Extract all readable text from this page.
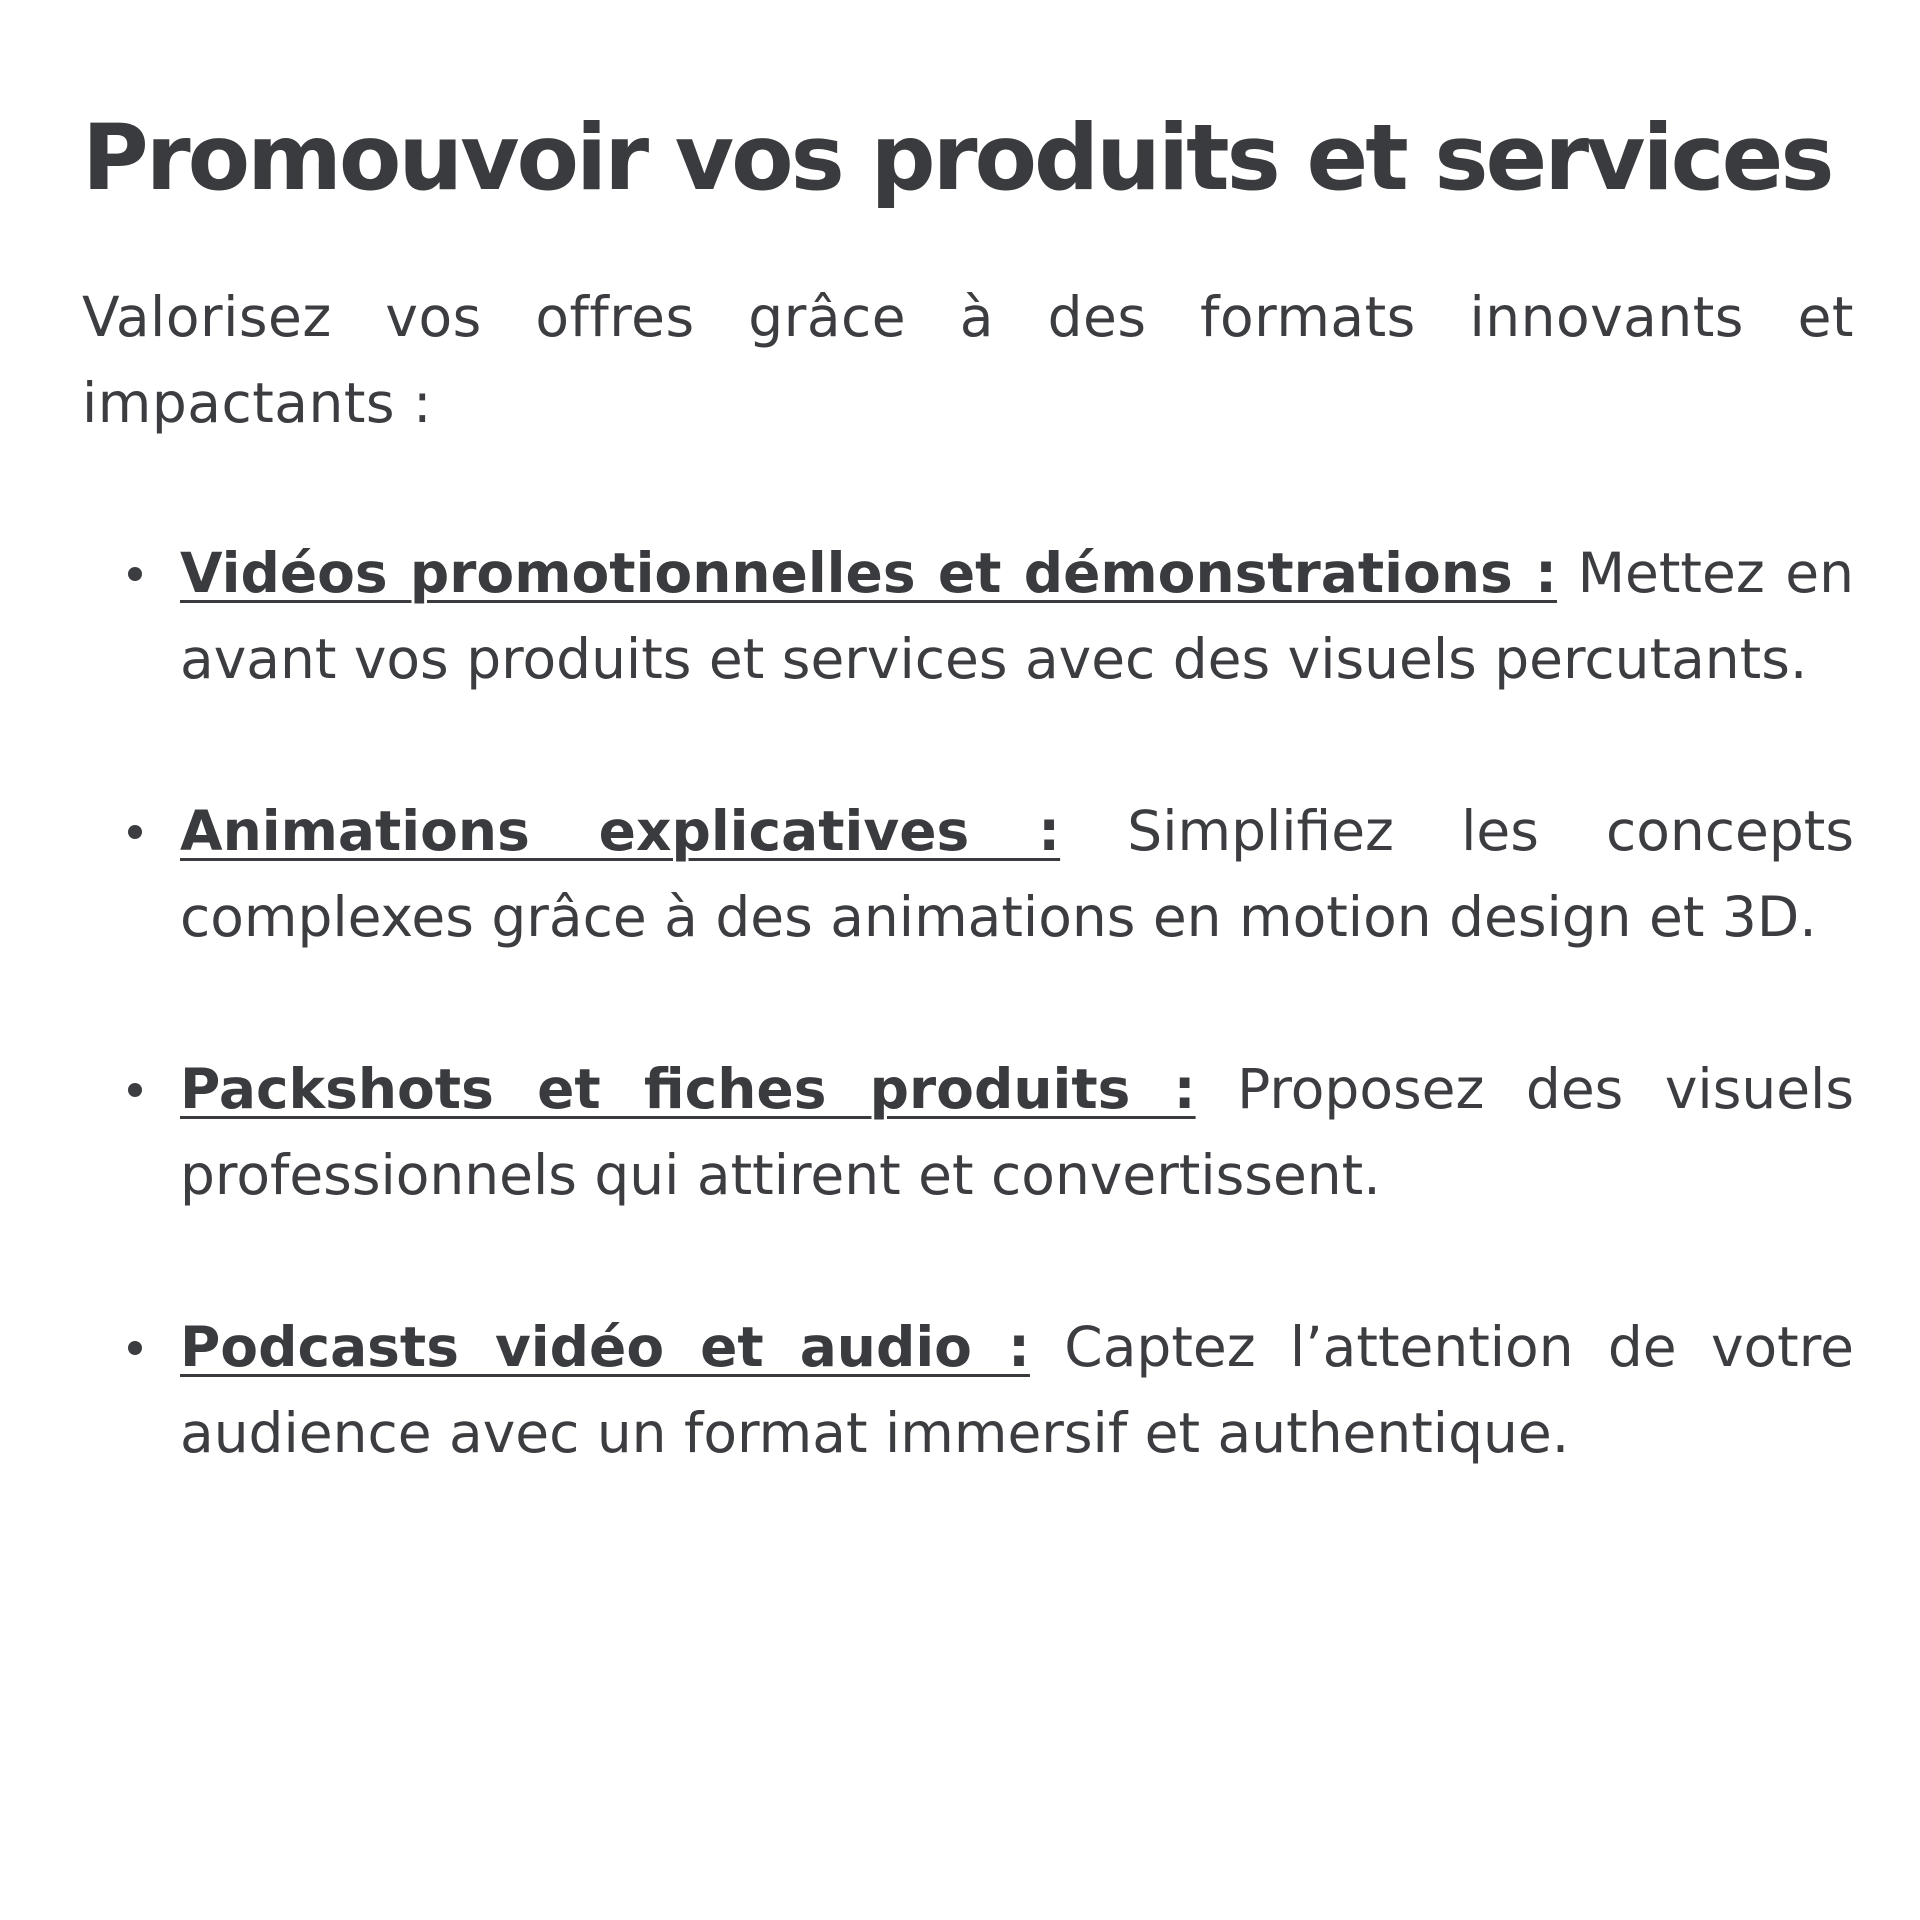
Promouvoir vos produits et services

Valorisez vos offres grâce à des formats innovants et impactants :

Vidéos promotionnelles et démonstrations : Mettez en avant vos produits et services avec des visuels percutants.
Animations explicatives : Simplifiez les concepts complexes grâce à des animations en motion design et 3D.
Packshots et fiches produits : Proposez des visuels professionnels qui attirent et convertissent.
Podcasts vidéo et audio : Captez l’attention de votre audience avec un format immersif et authentique.
